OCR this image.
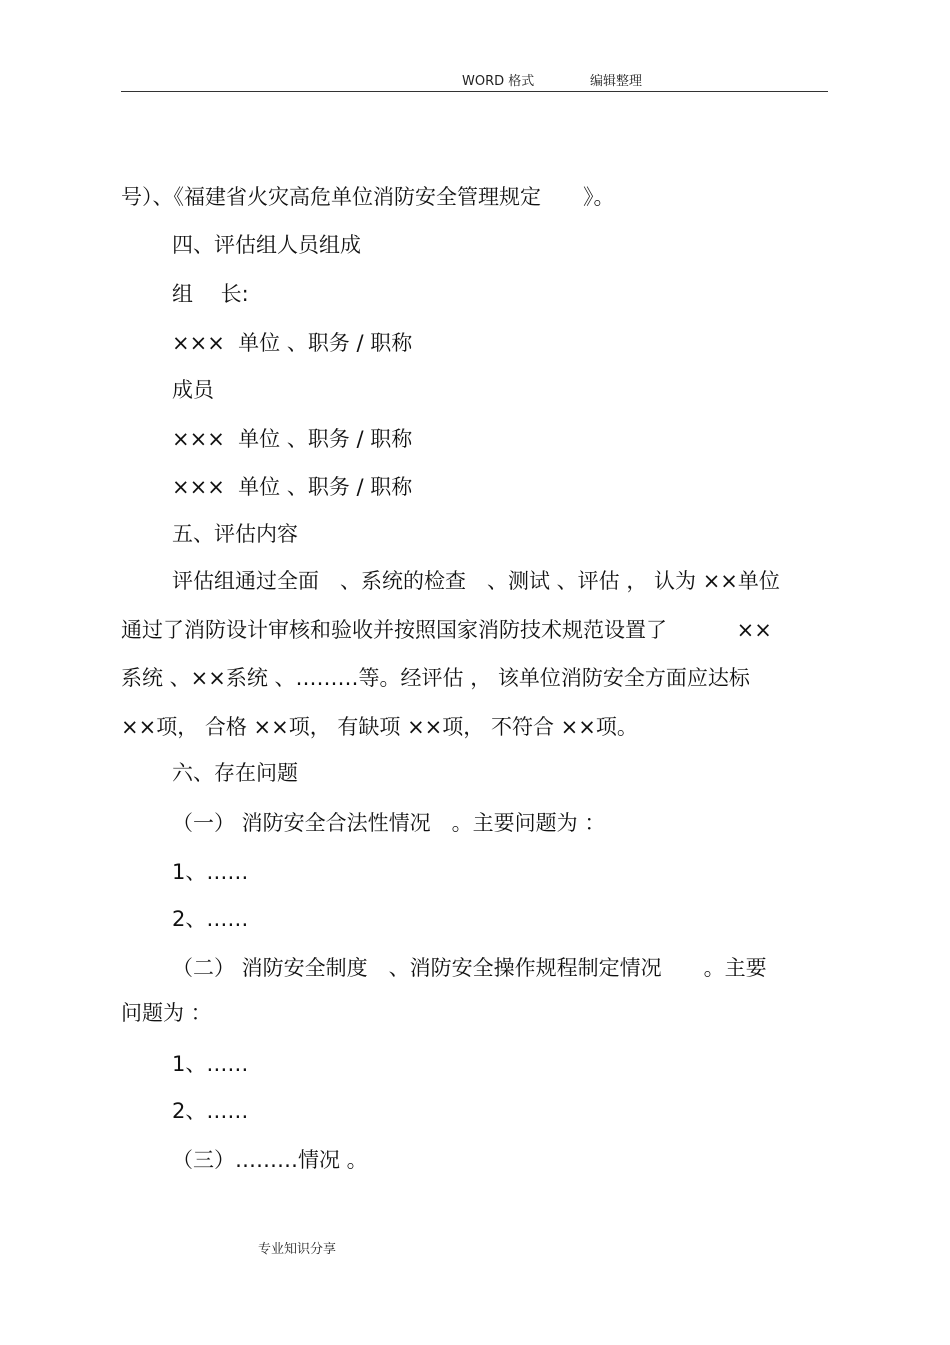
WORD 格式	编辑整理
号）、《福建省火灾高危单位消防安全管理规定　　》。
四、评估组人员组成
组　 长:
×××  单位 、职务 / 职称
成员
×××  单位 、职务 / 职称
×××  单位 、职务 / 职称
五、评估内容
评估组通过全面　、系统的检查　、测试 、评估 ， 认为 ××单位
通过了消防设计审核和验收并按照国家消防技术规范设置了　　　 ××
系统 、××系统 、………等。经评估 ， 该单位消防安全方面应达标
××项， 合格 ××项， 有缺项 ××项， 不符合 ××项。
六、存在问题
（一） 消防安全合法性情况　。主要问题为 ：
1、……
2、……
（二） 消防安全制度　、消防安全操作规程制定情况　　。主要
问题为 ：
1、……
2、……
（三）………情况 。
专业知识分享
